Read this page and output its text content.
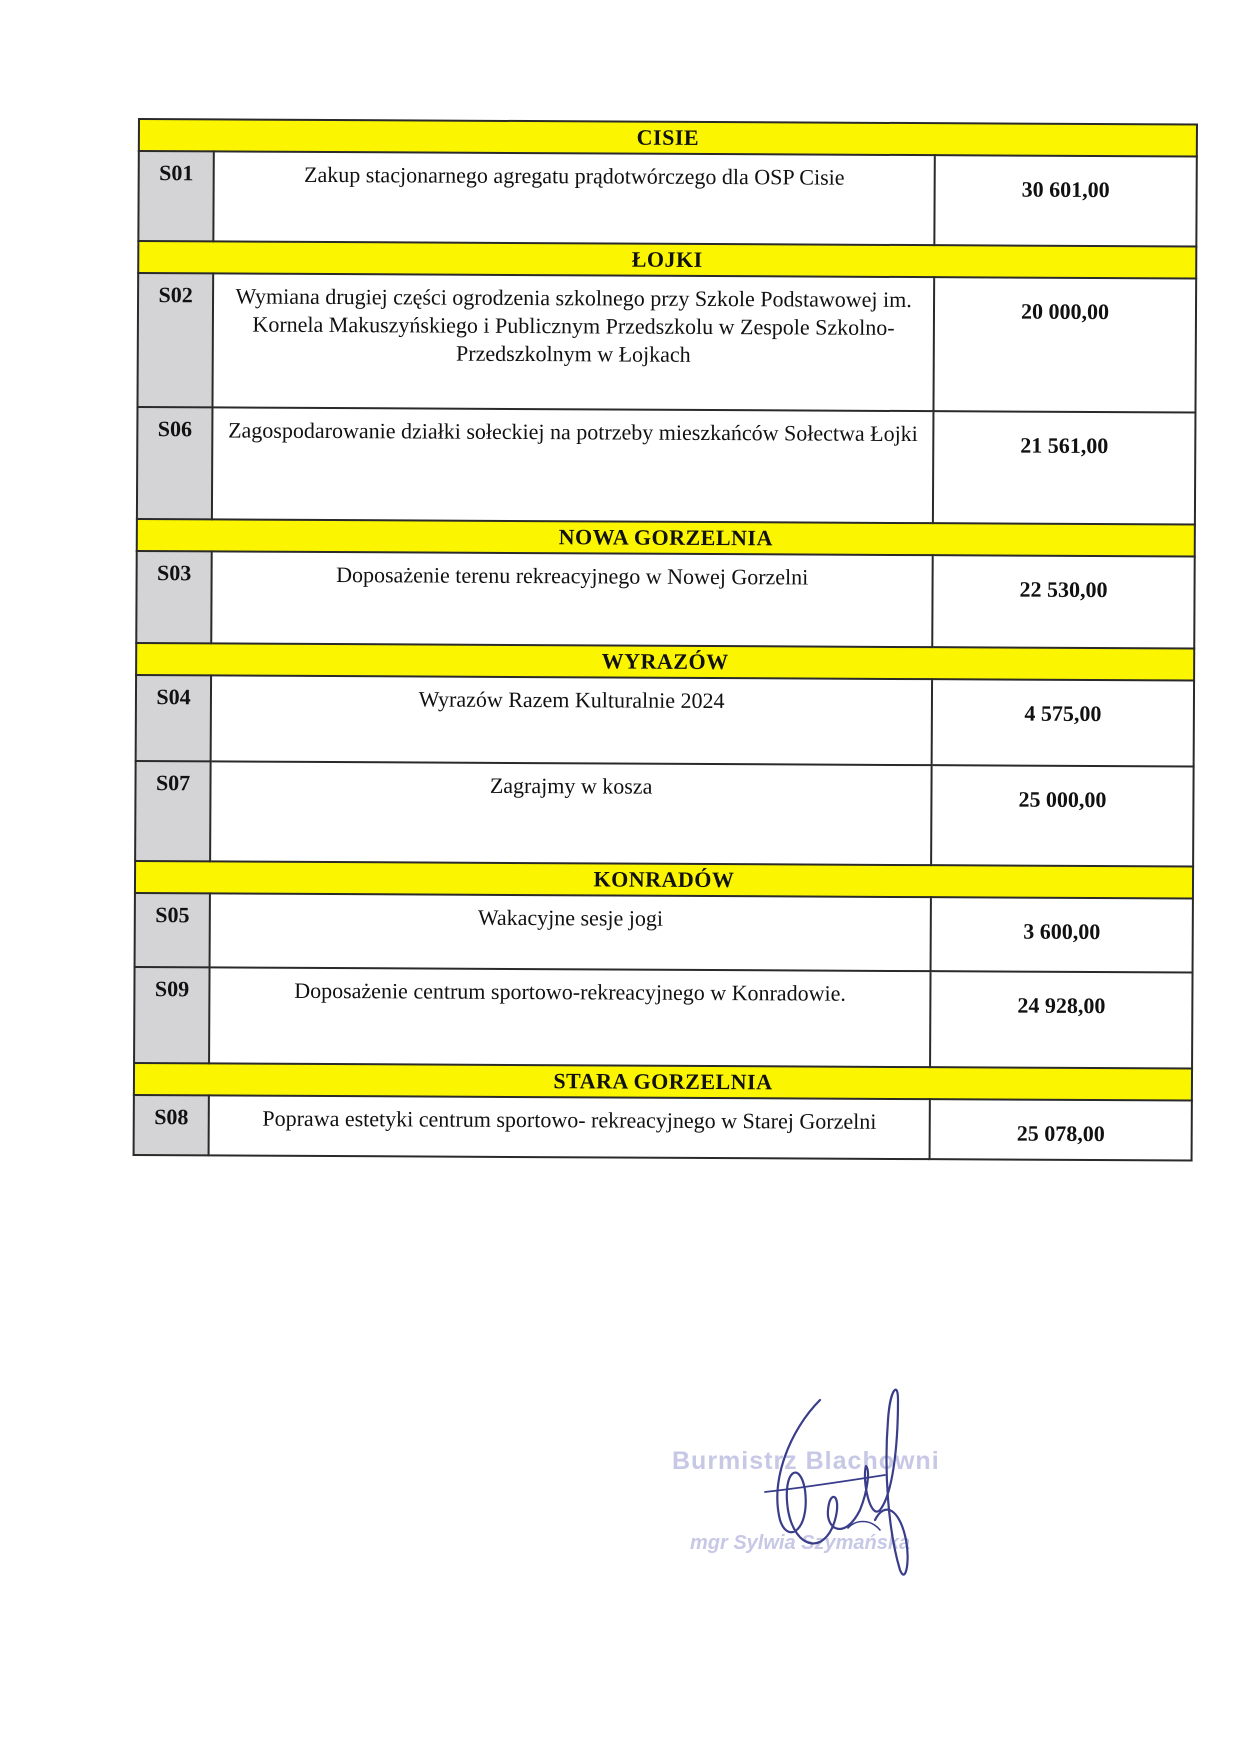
CISIE		
S01	Zakup stacjonarnego agregatu prądotwórczego dla OSP Cisie	30 601,00
ŁOJKI		
S02	Wymiana drugiej części ogrodzenia szkolnego przy Szkole Podstawowej im. Kornela Makuszyńskiego i Publicznym Przedszkolu w Zespole Szkolno-Przedszkolnym w Łojkach	20 000,00
S06	Zagospodarowanie działki sołeckiej na potrzeby mieszkańców Sołectwa Łojki	21 561,00
NOWA GORZELNIA		
S03	Doposażenie terenu rekreacyjnego w Nowej Gorzelni	22 530,00
WYRAZÓW		
S04	Wyrazów Razem Kulturalnie 2024	4 575,00
S07	Zagrajmy w kosza	25 000,00
KONRADÓW		
S05	Wakacyjne sesje jogi	3 600,00
S09	Doposażenie centrum sportowo-rekreacyjnego w Konradowie.	24 928,00
STARA GORZELNIA		
S08	Poprawa estetyki centrum sportowo- rekreacyjnego w Starej Gorzelni	25 078,00
Burmistrz Blachowni
mgr Sylwia Szymańska
